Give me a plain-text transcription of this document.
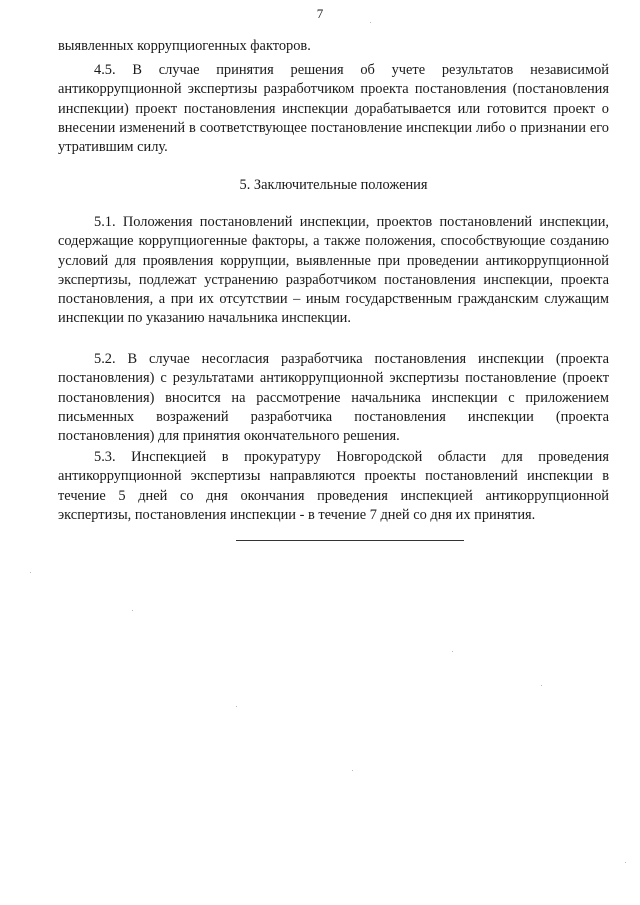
7

выявленных коррупциогенных факторов.

4.5. В случае принятия решения об учете результатов независимой антикоррупционной экспертизы разработчиком проекта постановления (постановления инспекции) проект постановления инспекции дорабатывается или готовится проект о внесении изменений в соответствующее постановление инспекции либо о признании его утратившим силу.

5. Заключительные положения

5.1. Положения постановлений инспекции, проектов постановлений инспекции, содержащие коррупциогенные факторы, а также положения, способствующие созданию условий для проявления коррупции, выявленные при проведении антикоррупционной экспертизы, подлежат устранению разработчиком постановления инспекции, проекта постановления, а при их отсутствии – иным государственным гражданским служащим инспекции по указанию начальника инспекции.

5.2. В случае несогласия разработчика постановления инспекции (проекта постановления) с результатами антикоррупционной экспертизы постановление (проект постановления) вносится на рассмотрение начальника инспекции с приложением письменных возражений разработчика постановления инспекции (проекта постановления) для принятия окончательного решения.

5.3. Инспекцией в прокуратуру Новгородской области для проведения антикоррупционной экспертизы направляются проекты постановлений инспекции в течение 5 дней со дня окончания проведения инспекцией антикоррупционной экспертизы, постановления инспекции - в течение 7 дней со дня их принятия.
